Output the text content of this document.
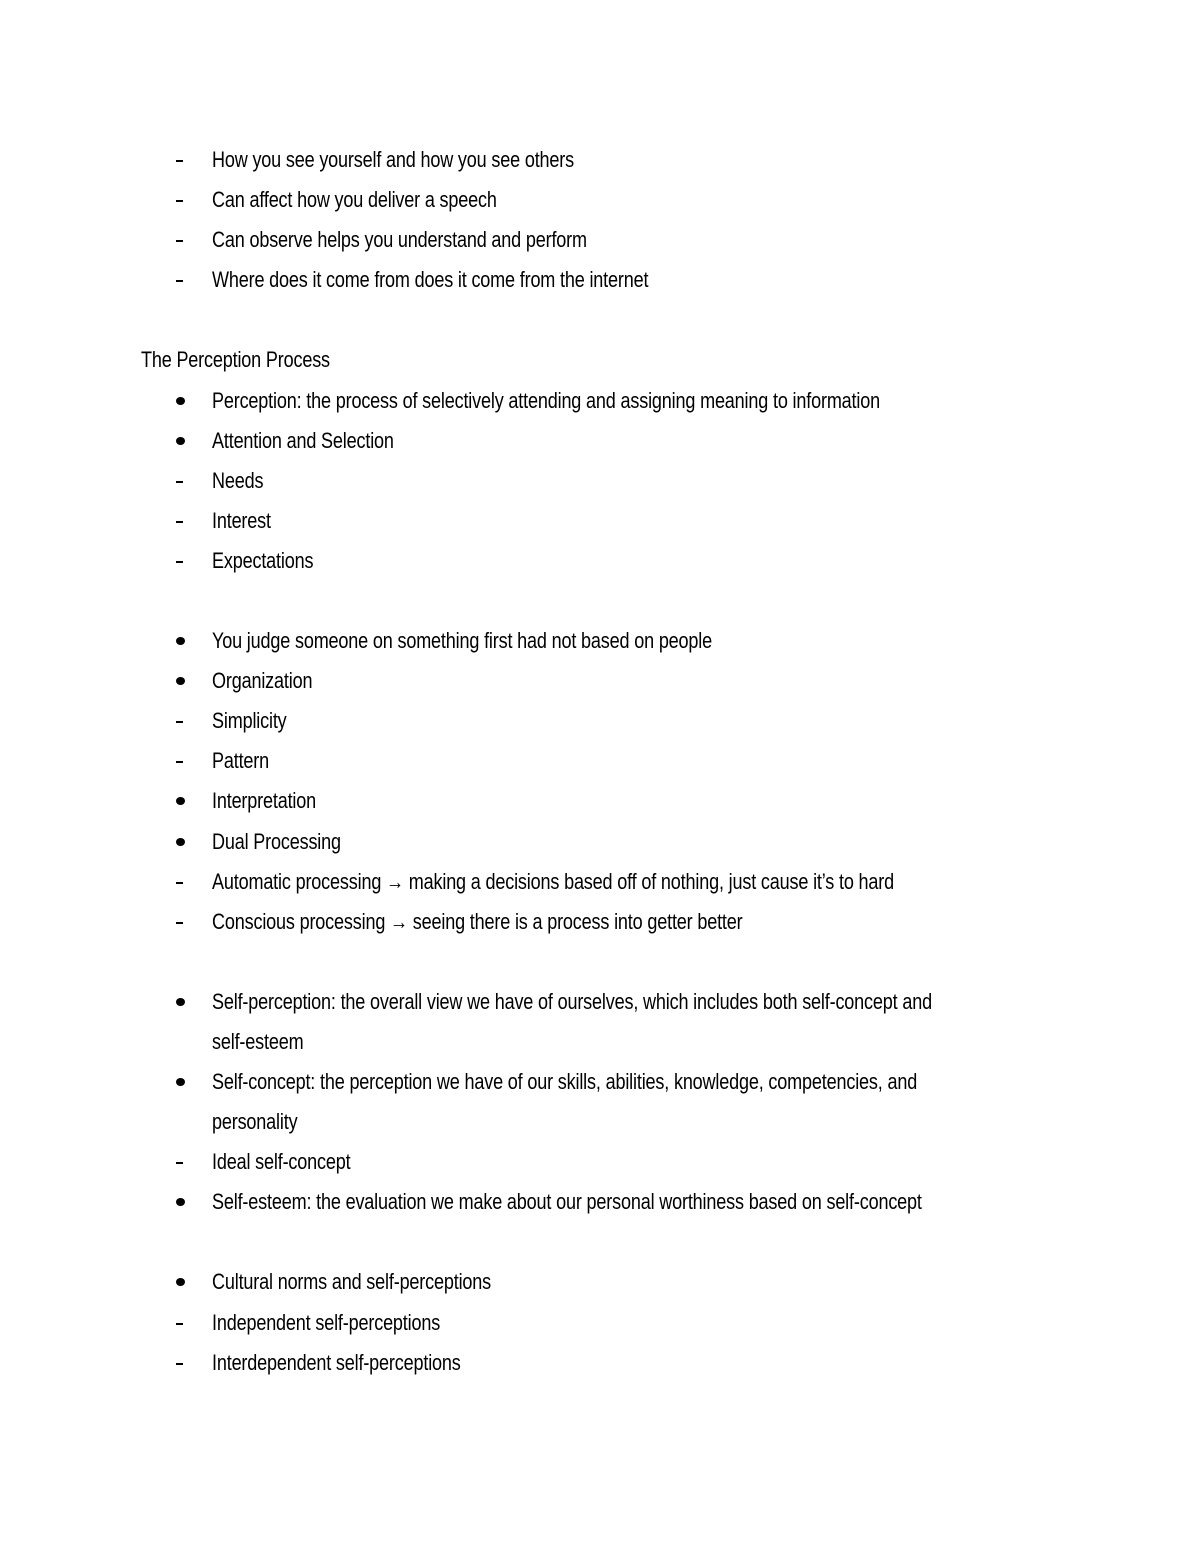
How you see yourself and how you see others
Can affect how you deliver a speech
Can observe helps you understand and perform
Where does it come from does it come from the internet
The Perception Process
Perception: the process of selectively attending and assigning meaning to information
Attention and Selection
Needs
Interest
Expectations
You judge someone on something first had not based on people
Organization
Simplicity
Pattern
Interpretation
Dual Processing
Automatic processing → making a decisions based off of nothing, just cause it’s to hard
Conscious processing → seeing there is a process into getter better
Self-perception: the overall view we have of ourselves, which includes both self-concept and
self-esteem
Self-concept: the perception we have of our skills, abilities, knowledge, competencies, and
personality
Ideal self-concept
Self-esteem: the evaluation we make about our personal worthiness based on self-concept
Cultural norms and self-perceptions
Independent self-perceptions
Interdependent self-perceptions
